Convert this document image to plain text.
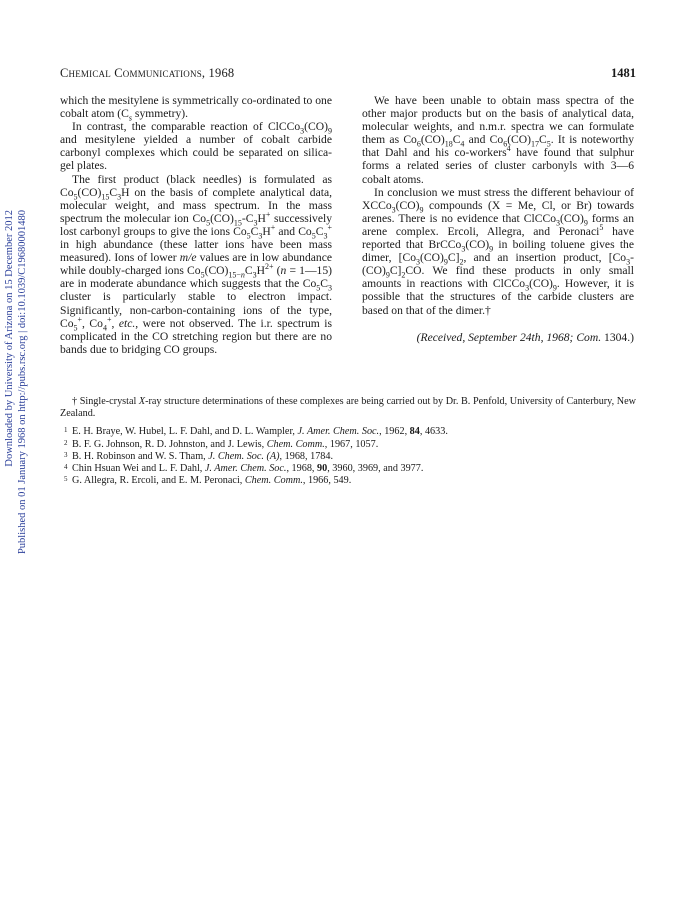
Downloaded by University of Arizona on 15 December 2012 Published on 01 January 1968 on http://pubs.rsc.org | doi:10.1039/C19680001480
Chemical Communications, 1968	1481

which the mesitylene is symmetrically co-ordinated to one cobalt atom ($C_s$ symmetry).

In contrast, the comparable reaction of $ClCCo_3(CO)_9$ and mesitylene yielded a number of cobalt carbide carbonyl complexes which could be separated on silica-gel plates.

The first product (black needles) is formulated as $Co_5(CO)_{15}C_3H$ on the basis of complete analytical data, molecular weight, and mass spectrum. In the mass spectrum the molecular ion $Co_5(CO)_{15}-C_3H^+$ successively lost carbonyl groups to give the ions $Co_5C_3H^+$ and $Co_5C_3^+$ in high abundance (these latter ions have been mass measured). Ions of lower m/e values are in low abundance while doubly-charged ions $Co_5(CO)_{15-n}C_3H^{2+}$ (n = 1—15) are in moderate abundance which suggests that the $Co_5C_3$ cluster is particularly stable to electron impact. Significantly, non-carbon-containing ions of the type, $Co_5^+$, $Co_4^+$, etc., were not observed. The i.r. spectrum is complicated in the CO stretching region but there are no bands due to bridging CO groups.

We have been unable to obtain mass spectra of the other major products but on the basis of analytical data, molecular weights, and n.m.r. spectra we can formulate them as $Co_6(CO)_{18}C_4$ and $Co_6(CO)_{17}C_5$. It is noteworthy that Dahl and his co-workers$^4$ have found that sulphur forms a related series of cluster carbonyls with 3—6 cobalt atoms.

In conclusion we must stress the different behaviour of $XCCo_3(CO)_9$ compounds (X = Me, Cl, or Br) towards arenes. There is no evidence that $ClCCo_3(CO)_9$ forms an arene complex. Ercoli, Allegra, and Peronaci$^5$ have reported that $BrCCo_3(CO)_9$ in boiling toluene gives the dimer, $[Co_3(CO)_9C]_2$, and an insertion product, $[Co_3-(CO)_9C]_2CO$. We find these products in only small amounts in reactions with $ClCCo_3(CO)_9$. However, it is possible that the structures of the carbide clusters are based on that of the dimer.†

(Received, September 24th, 1968; Com. 1304.)

† Single-crystal X-ray structure determinations of these complexes are being carried out by Dr. B. Penfold, University of Canterbury, New Zealand.

1 E. H. Braye, W. Hubel, L. F. Dahl, and D. L. Wampler, J. Amer. Chem. Soc., 1962, 84, 4633.
2 B. F. G. Johnson, R. D. Johnston, and J. Lewis, Chem. Comm., 1967, 1057.
3 B. H. Robinson and W. S. Tham, J. Chem. Soc. (A), 1968, 1784.
4 Chin Hsuan Wei and L. F. Dahl, J. Amer. Chem. Soc., 1968, 90, 3960, 3969, and 3977.
5 G. Allegra, R. Ercoli, and E. M. Peronaci, Chem. Comm., 1966, 549.
